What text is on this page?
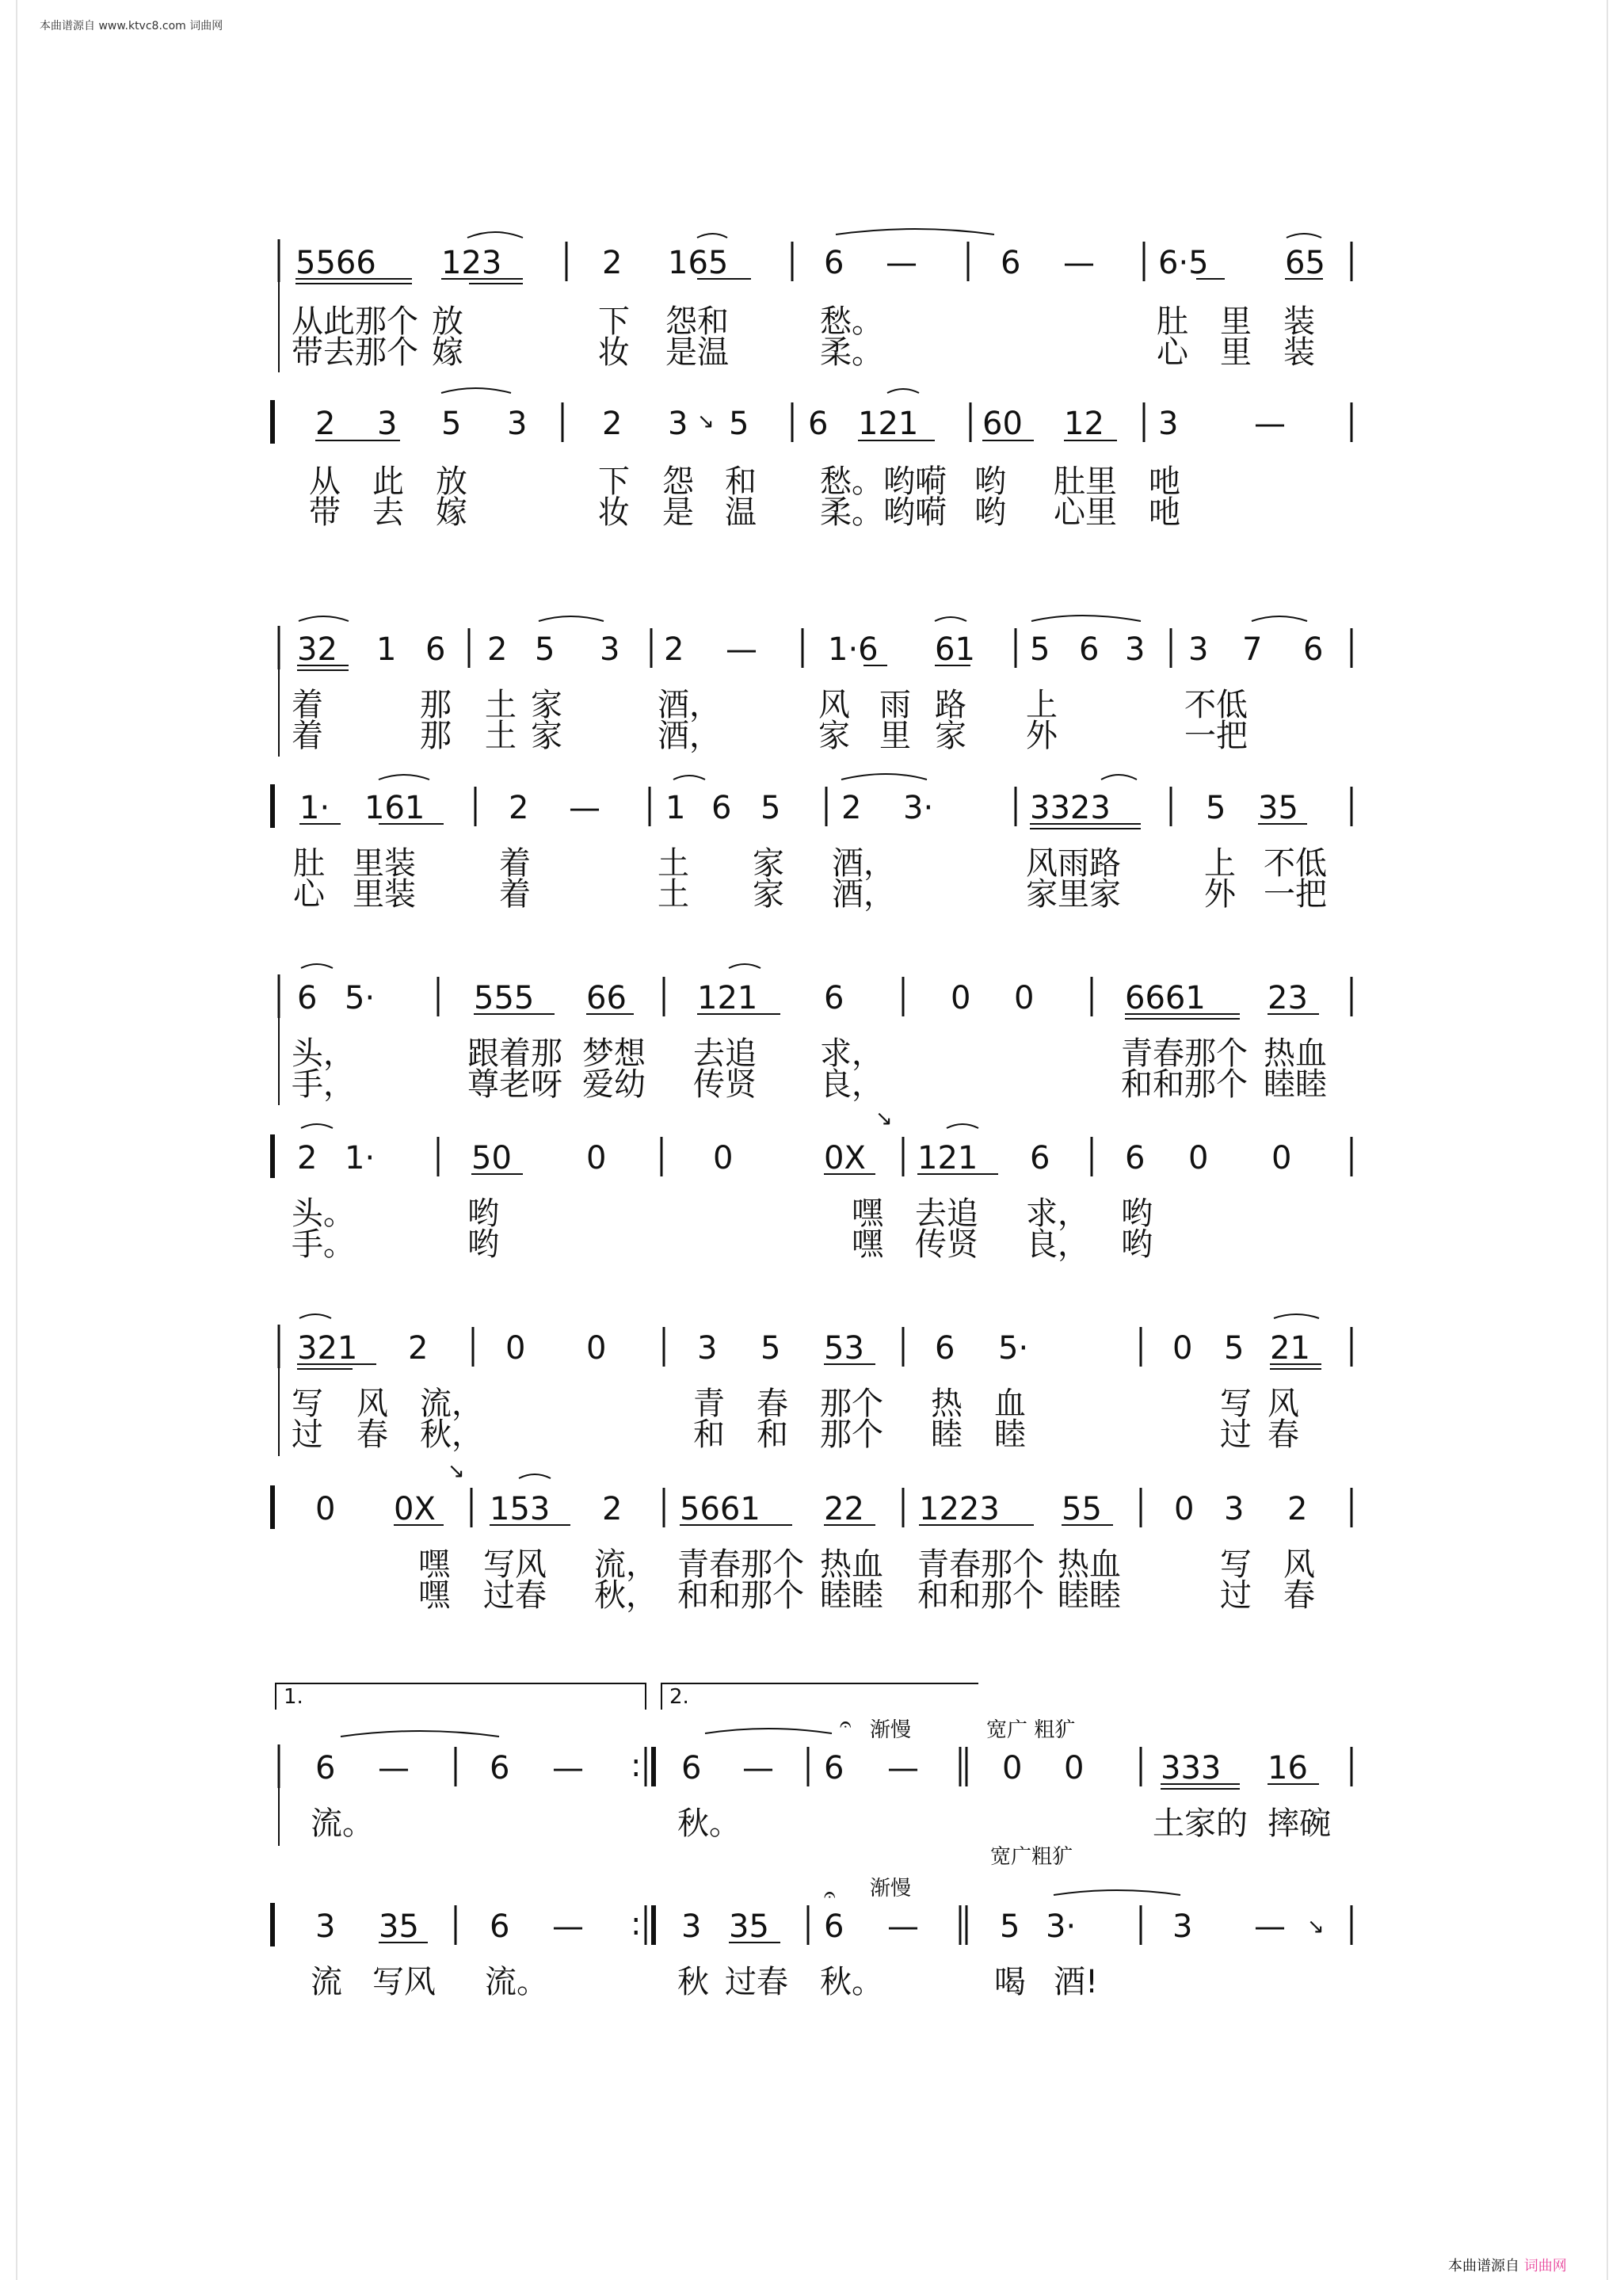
本曲谱源自 www.ktvc8.com 词曲网
本曲谱源自 词曲网
5566 123	2 165	6 —	6 — 6·5 65
从此那个 放	下 怨和	愁。	肚 里 装
带去那个 嫁	妆 是温	柔。	心 里 装
2 3 5 3 2 3 5 6 121 60 12 3 —
↘
从 此 放	下 怨 和 愁。哟嗬 哟 肚里 吔
带 去 嫁	妆 是 温 柔。哟嗬 哟 心里 吔
32 1 6 2 5 3 2 — 1·6 61 5 6 3 3 7 6
着	那 土 家	酒，	风 雨 路 上	不低
着	那 土 家	酒，	家 里 家 外	一把
1· 161	2 — 1 6 5 2 3·	3323	5 35
肚 里装	着	土 家 酒，	风雨路	上 不低
心 里装	着	土 家 酒，	家里家	外 一把
6 5·	555 66 121 6	0 0	6661 23
头，	跟着那 梦想 去追 求，	青春那个 热血
手，	尊老呀 爱幼 传贤 良，	和和那个 睦睦
2 1·	50 0	0	0X 121 6 6 0 0
↘
头。	哟	嘿 去追 求， 哟
手。	哟	嘿 传贤 良， 哟
321 2 0 0	3 5 53 6 5·	0 5 21
写 风 流，	青 春 那个 热 血	写 风
过 春 秋，	和 和 那个 睦 睦	过 春
0 0X 153 2 5661 22 1223 55 0 3 2
↘
嘿 写风 流， 青春那个 热血 青春那个 热血	写 风
嘿 过春 秋， 和和那个 睦睦 和和那个 睦睦	过 春
1.	2.
渐慢	宽广 粗犷
𝄐
:
6 —	6 —	6 — 6 —	0 0 333 16
流。	秋。	土家的 摔碗
宽广粗犷
渐慢
𝄐
:
3 35 6 —	3 35 6 —	5 3·	3 — ↘
流 写风 流。	秋 过春 秋。	喝 酒!
